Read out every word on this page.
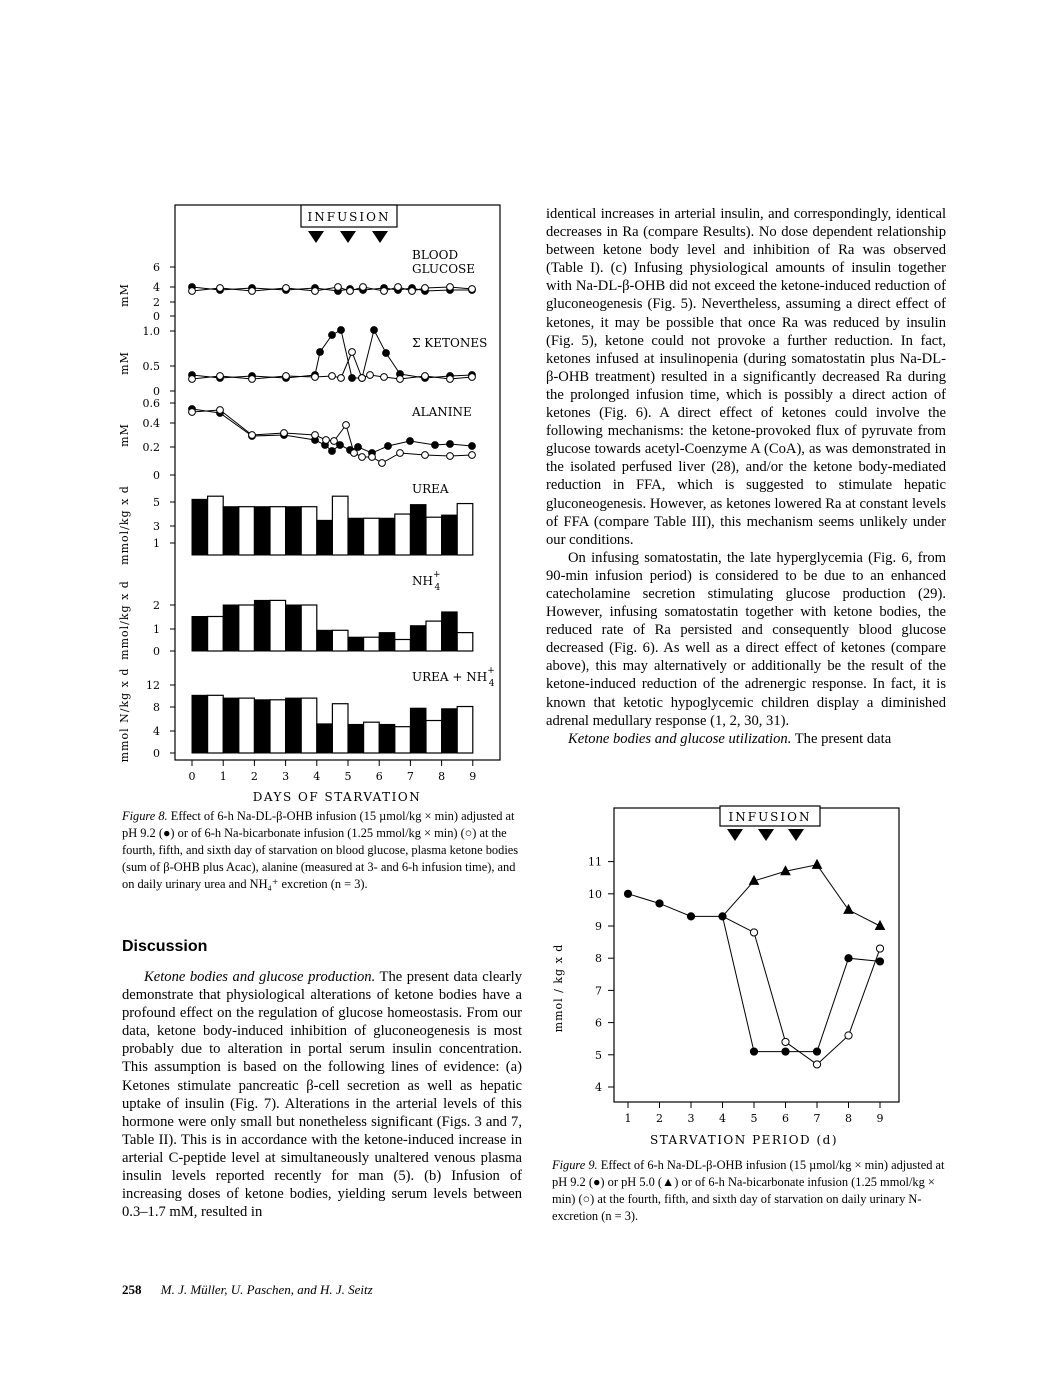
INFUSION
BLOOD
GLUCOSE
Σ KETONES
ALANINE
UREA
NH+ 4
UREA + NH+ 4
6
4
2
0
1.0
0.5
0
0.6
0.4
0.2
0
5
3
1
2
1
0
12
8
4
0
mM
mM
mM
mmol/kg x d
mmol/kg x d
mmol N/kg x d
0 1 2 3 4 5 6 7 8 9
DAYS OF STARVATION
Figure 8. Effect of 6-h Na-DL-β-OHB infusion (15 µmol/kg × min) adjusted at pH 9.2 (●) or of 6-h Na-bicarbonate infusion (1.25 mmol/kg × min) (○) at the fourth, fifth, and sixth day of starvation on blood glucose, plasma ketone bodies (sum of β-OHB plus Acac), alanine (measured at 3- and 6-h infusion time), and on daily urinary urea and NH₄⁺ excretion (n = 3).
Discussion

Ketone bodies and glucose production. The present data clearly demonstrate that physiological alterations of ketone bodies have a profound effect on the regulation of glucose homeostasis. From our data, ketone body-induced inhibition of gluconeogenesis is most probably due to alteration in portal serum insulin concentration. This assumption is based on the following lines of evidence: (a) Ketones stimulate pancreatic β-cell secretion as well as hepatic uptake of insulin (Fig. 7). Alterations in the arterial levels of this hormone were only small but nonetheless significant (Figs. 3 and 7, Table II). This is in accordance with the ketone-induced increase in arterial C-peptide level at simultaneously unaltered venous plasma insulin levels reported recently for man (5). (b) Infusion of increasing doses of ketone bodies, yielding serum levels between 0.3–1.7 mM, resulted in

identical increases in arterial insulin, and correspondingly, identical decreases in Ra (compare Results). No dose dependent relationship between ketone body level and inhibition of Ra was observed (Table I). (c) Infusing physiological amounts of insulin together with Na-DL-β-OHB did not exceed the ketone-induced reduction of gluconeogenesis (Fig. 5). Nevertheless, assuming a direct effect of ketones, it may be possible that once Ra was reduced by insulin (Fig. 5), ketone could not provoke a further reduction. In fact, ketones infused at insulinopenia (during somatostatin plus Na-DL-β-OHB treatment) resulted in a significantly decreased Ra during the prolonged infusion time, which is possibly a direct action of ketones (Fig. 6). A direct effect of ketones could involve the following mechanisms: the ketone-provoked flux of pyruvate from glucose towards acetyl-Coenzyme A (CoA), as was demonstrated in the isolated perfused liver (28), and/or the ketone body-mediated reduction in FFA, which is suggested to stimulate hepatic gluconeogenesis. However, as ketones lowered Ra at constant levels of FFA (compare Table III), this mechanism seems unlikely under our conditions.

On infusing somatostatin, the late hyperglycemia (Fig. 6, from 90-min infusion period) is considered to be due to an enhanced catecholamine secretion stimulating glucose production (29). However, infusing somatostatin together with ketone bodies, the reduced rate of Ra persisted and consequently blood glucose decreased (Fig. 6). As well as a direct effect of ketones (compare above), this may alternatively or additionally be the result of the ketone-induced reduction of the adrenergic response. In fact, it is known that ketotic hypoglycemic children display a diminished adrenal medullary response (1, 2, 30, 31).

Ketone bodies and glucose utilization. The present data

INFUSION
mmol / kg x d
11
10
9
8
7
6
5
4
1 2 3 4 5 6 7 8 9
STARVATION PERIOD (d)
Figure 9. Effect of 6-h Na-DL-β-OHB infusion (15 µmol/kg × min) adjusted at pH 9.2 (●) or pH 5.0 (▲) or of 6-h Na-bicarbonate infusion (1.25 mmol/kg × min) (○) at the fourth, fifth, and sixth day of starvation on daily urinary N-excretion (n = 3).
258 M. J. Müller, U. Paschen, and H. J. Seitz
